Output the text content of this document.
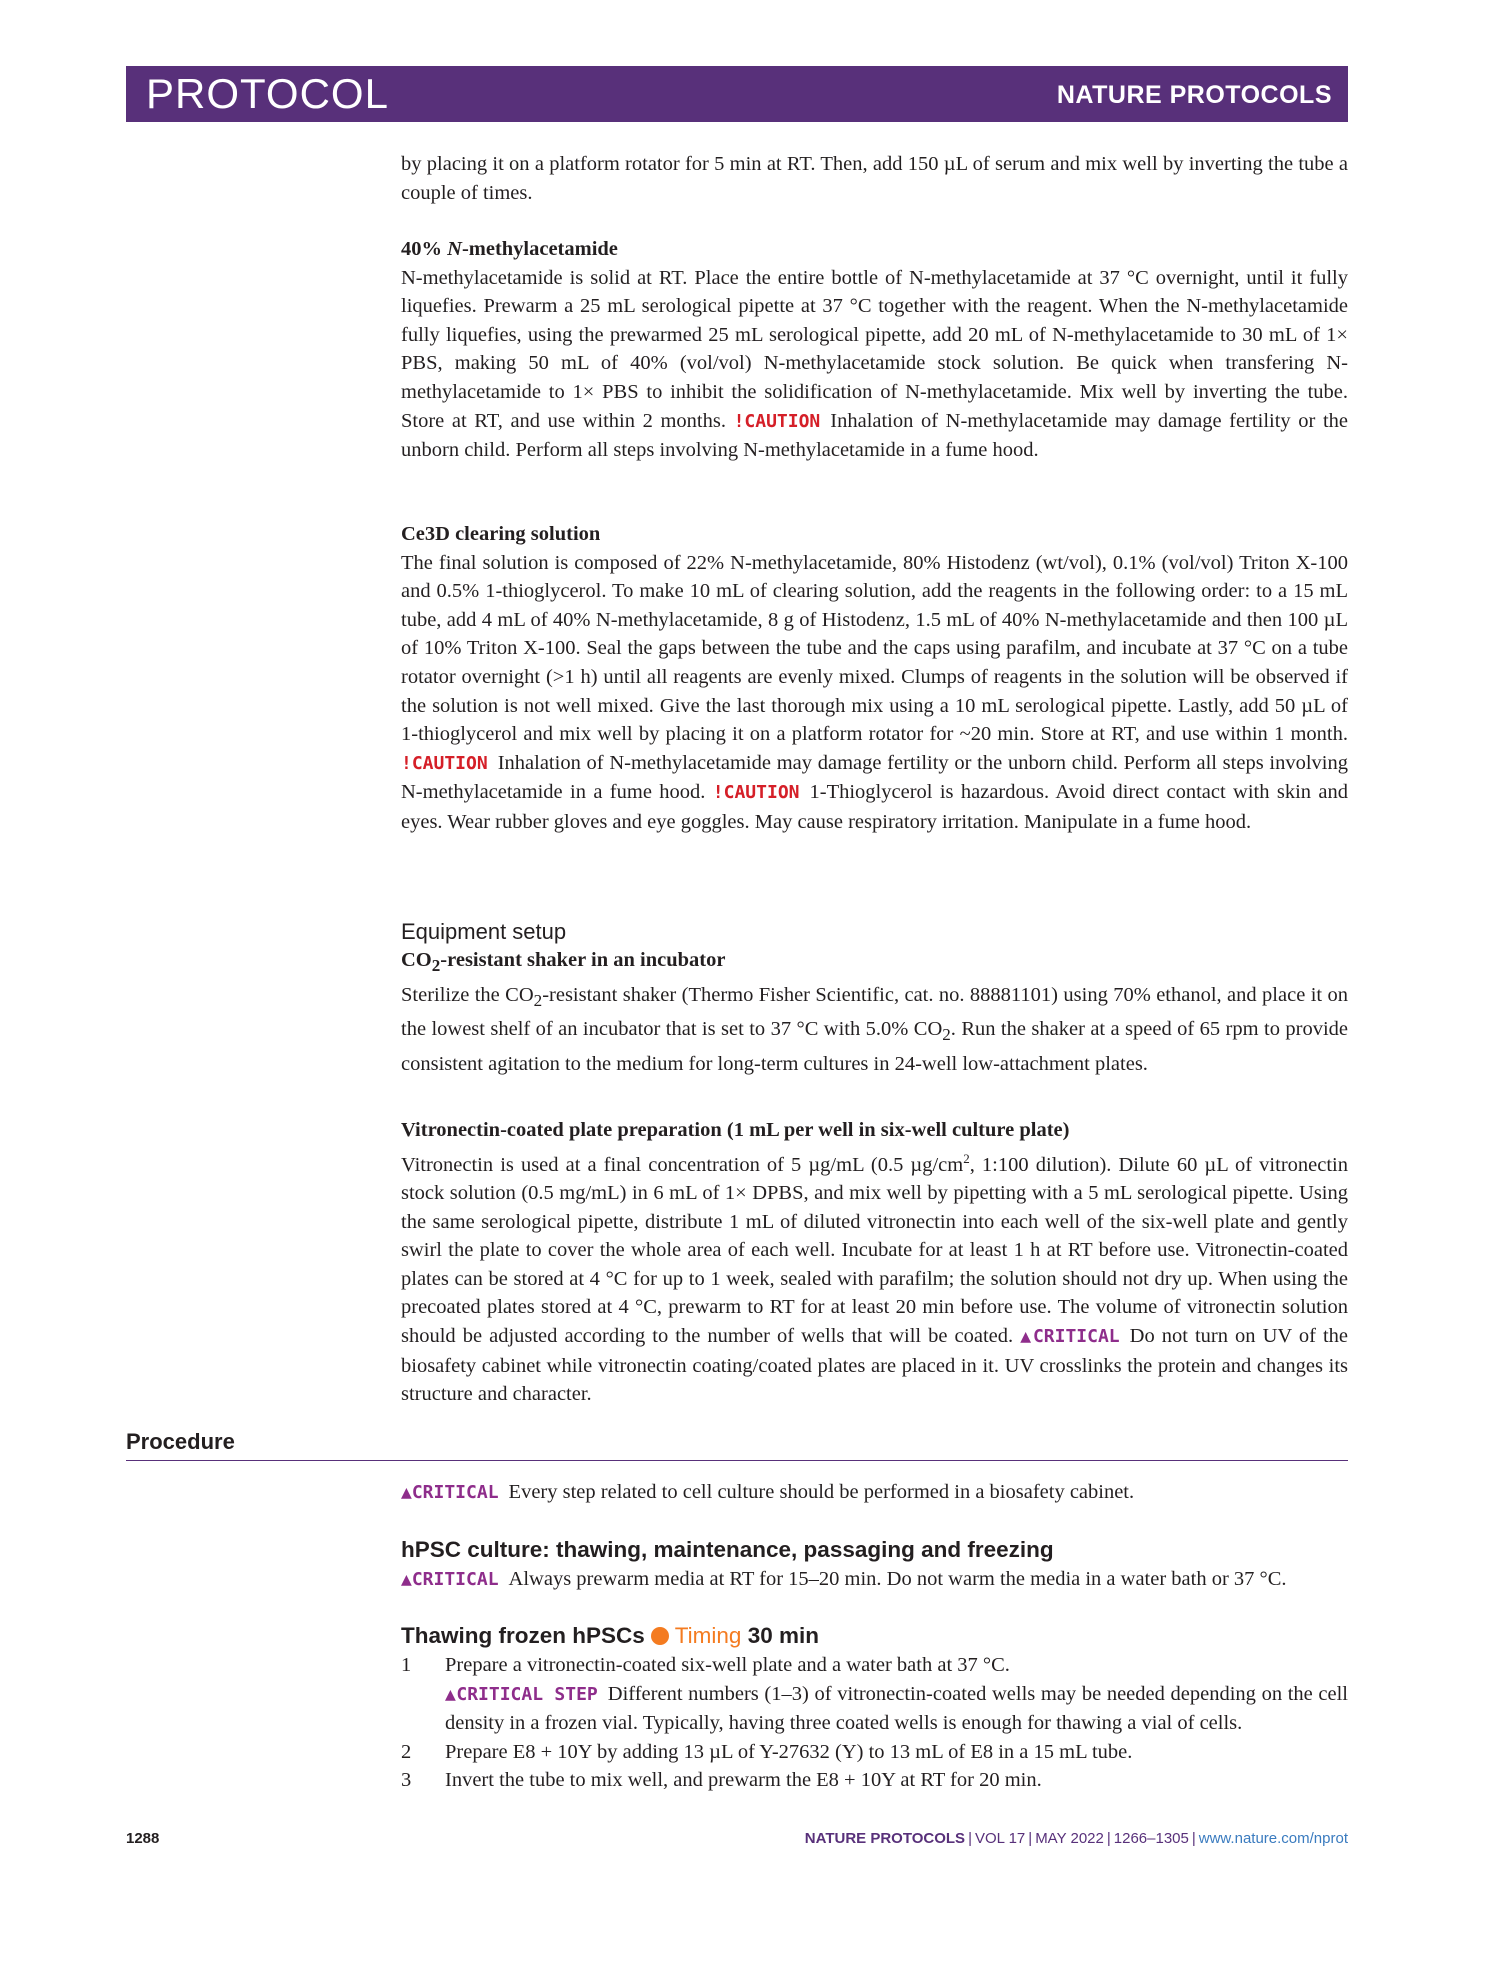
PROTOCOL	NATURE PROTOCOLS

by placing it on a platform rotator for 5 min at RT. Then, add 150 µL of serum and mix well by inverting the tube a couple of times.

40% N-methylacetamide

N-methylacetamide is solid at RT. Place the entire bottle of N-methylacetamide at 37 °C overnight, until it fully liquefies. Prewarm a 25 mL serological pipette at 37 °C together with the reagent. When the N-methylacetamide fully liquefies, using the prewarmed 25 mL serological pipette, add 20 mL of N-methylacetamide to 30 mL of 1× PBS, making 50 mL of 40% (vol/vol) N-methylacetamide stock solution. Be quick when transfering N-methylacetamide to 1× PBS to inhibit the solidification of N-methylacetamide. Mix well by inverting the tube. Store at RT, and use within 2 months. !CAUTION Inhalation of N-methylacetamide may damage fertility or the unborn child. Perform all steps involving N-methylacetamide in a fume hood.

Ce3D clearing solution

The final solution is composed of 22% N-methylacetamide, 80% Histodenz (wt/vol), 0.1% (vol/vol) Triton X-100 and 0.5% 1-thioglycerol. To make 10 mL of clearing solution, add the reagents in the following order: to a 15 mL tube, add 4 mL of 40% N-methylacetamide, 8 g of Histodenz, 1.5 mL of 40% N-methylacetamide and then 100 µL of 10% Triton X-100. Seal the gaps between the tube and the caps using parafilm, and incubate at 37 °C on a tube rotator overnight (>1 h) until all reagents are evenly mixed. Clumps of reagents in the solution will be observed if the solution is not well mixed. Give the last thorough mix using a 10 mL serological pipette. Lastly, add 50 µL of 1-thioglycerol and mix well by placing it on a platform rotator for ~20 min. Store at RT, and use within 1 month. !CAUTION Inhalation of N-methylacetamide may damage fertility or the unborn child. Perform all steps involving N-methylacetamide in a fume hood. !CAUTION 1-Thioglycerol is hazardous. Avoid direct contact with skin and eyes. Wear rubber gloves and eye goggles. May cause respiratory irritation. Manipulate in a fume hood.

Equipment setup

$CO_2$-resistant shaker in an incubator

Sterilize the $CO_2$-resistant shaker (Thermo Fisher Scientific, cat. no. 88881101) using 70% ethanol, and place it on the lowest shelf of an incubator that is set to 37 °C with 5.0% $CO_2$. Run the shaker at a speed of 65 rpm to provide consistent agitation to the medium for long-term cultures in 24-well low-attachment plates.

Vitronectin-coated plate preparation (1 mL per well in six-well culture plate)

Vitronectin is used at a final concentration of 5 µg/mL (0.5 $\mu g/cm^2$, 1:100 dilution). Dilute 60 µL of vitronectin stock solution (0.5 mg/mL) in 6 mL of 1× DPBS, and mix well by pipetting with a 5 mL serological pipette. Using the same serological pipette, distribute 1 mL of diluted vitronectin into each well of the six-well plate and gently swirl the plate to cover the whole area of each well. Incubate for at least 1 h at RT before use. Vitronectin-coated plates can be stored at 4 °C for up to 1 week, sealed with parafilm; the solution should not dry up. When using the precoated plates stored at 4 °C, prewarm to RT for at least 20 min before use. The volume of vitronectin solution should be adjusted according to the number of wells that will be coated. ▲CRITICAL Do not turn on UV of the biosafety cabinet while vitronectin coating/coated plates are placed in it. UV crosslinks the protein and changes its structure and character.

Procedure

▲CRITICAL Every step related to cell culture should be performed in a biosafety cabinet.

hPSC culture: thawing, maintenance, passaging and freezing

▲CRITICAL Always prewarm media at RT for 15–20 min. Do not warm the media in a water bath or 37 °C.

Thawing frozen hPSCs Timing 30 min

1 Prepare a vitronectin-coated six-well plate and a water bath at 37 °C.
▲CRITICAL STEP Different numbers (1–3) of vitronectin-coated wells may be needed depending on the cell density in a frozen vial. Typically, having three coated wells is enough for thawing a vial of cells.
2 Prepare E8 + 10Y by adding 13 µL of Y-27632 (Y) to 13 mL of E8 in a 15 mL tube.
3 Invert the tube to mix well, and prewarm the E8 + 10Y at RT for 20 min.
1288	NATURE PROTOCOLS | VOL 17 | MAY 2022 | 1266–1305 | www.nature.com/nprot
